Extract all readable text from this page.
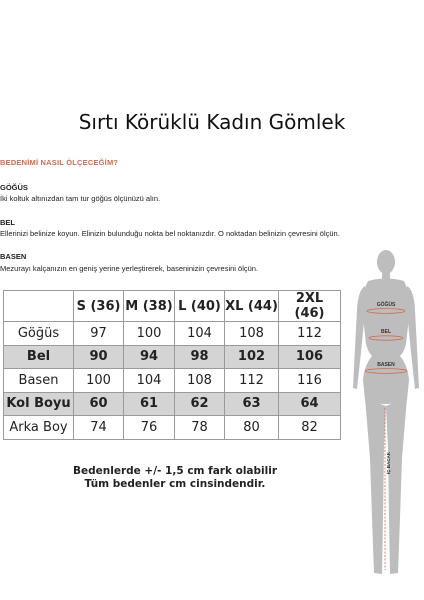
Sırtı Körüklü Kadın Gömlek
BEDENİMİ NASIL ÖLÇECEĞİM?
GÖĞÜS
İki koltuk altınızdan tam tur göğüs ölçünüzü alın.
BEL
Ellerinizi belinize koyun. Elinizin bulunduğu nokta bel noktanızdır. O noktadan belinizin çevresini ölçün.
BASEN
Mezurayı kalçanızın en geniş yerine yerleştirerek, baseninizin çevresini ölçün.
	S (36)	M (38)	L (40)	XL (44)	2XL (46)
Göğüs	97	100	104	108	112
Bel	90	94	98	102	106
Basen	100	104	108	112	116
Kol Boyu	60	61	62	63	64
Arka Boy	74	76	78	80	82
Bedenlerde +/- 1,5 cm fark olabilir
Tüm bedenler cm cinsindendir.
GÖĞÜS
BEL
BASEN
İÇ BACAK
